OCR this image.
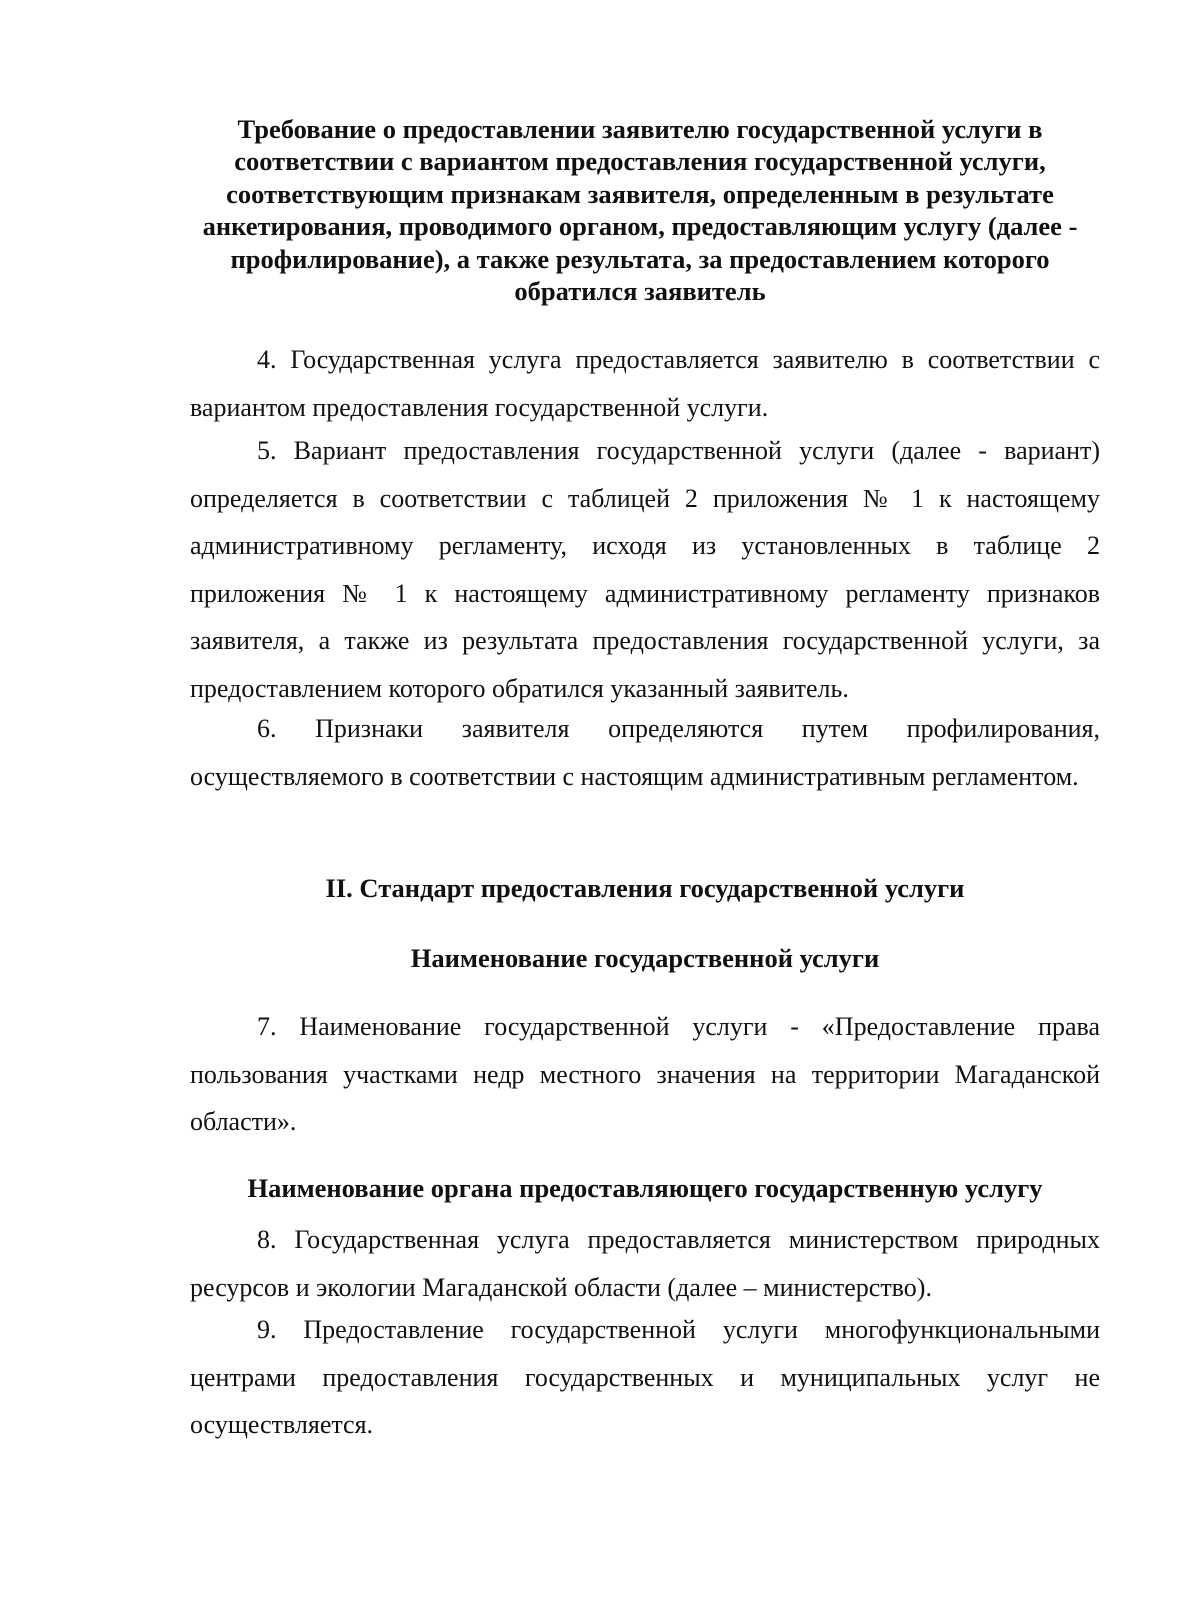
Требование о предоставлении заявителю государственной услуги в соответствии с вариантом предоставления государственной услуги, соответствующим признакам заявителя, определенным в результате анкетирования, проводимого органом, предоставляющим услугу (далее - профилирование), а также результата, за предоставлением которого обратился заявитель

4. Государственная услуга предоставляется заявителю в соответствии с вариантом предоставления государственной услуги.

5. Вариант предоставления государственной услуги (далее - вариант) определяется в соответствии с таблицей 2 приложения № 1 к настоящему административному регламенту, исходя из установленных в таблице 2 приложения № 1 к настоящему административному регламенту признаков заявителя, а также из результата предоставления государственной услуги, за предоставлением которого обратился указанный заявитель.

6. Признаки заявителя определяются путем профилирования, осуществляемого в соответствии с настоящим административным регламентом.

II. Стандарт предоставления государственной услуги
Наименование государственной услуги

7. Наименование государственной услуги - «Предоставление права пользования участками недр местного значения на территории Магаданской области».

Наименование органа предоставляющего государственную услугу

8. Государственная услуга предоставляется министерством природных ресурсов и экологии Магаданской области (далее – министерство).

9. Предоставление государственной услуги многофункциональными центрами предоставления государственных и муниципальных услуг не осуществляется.
